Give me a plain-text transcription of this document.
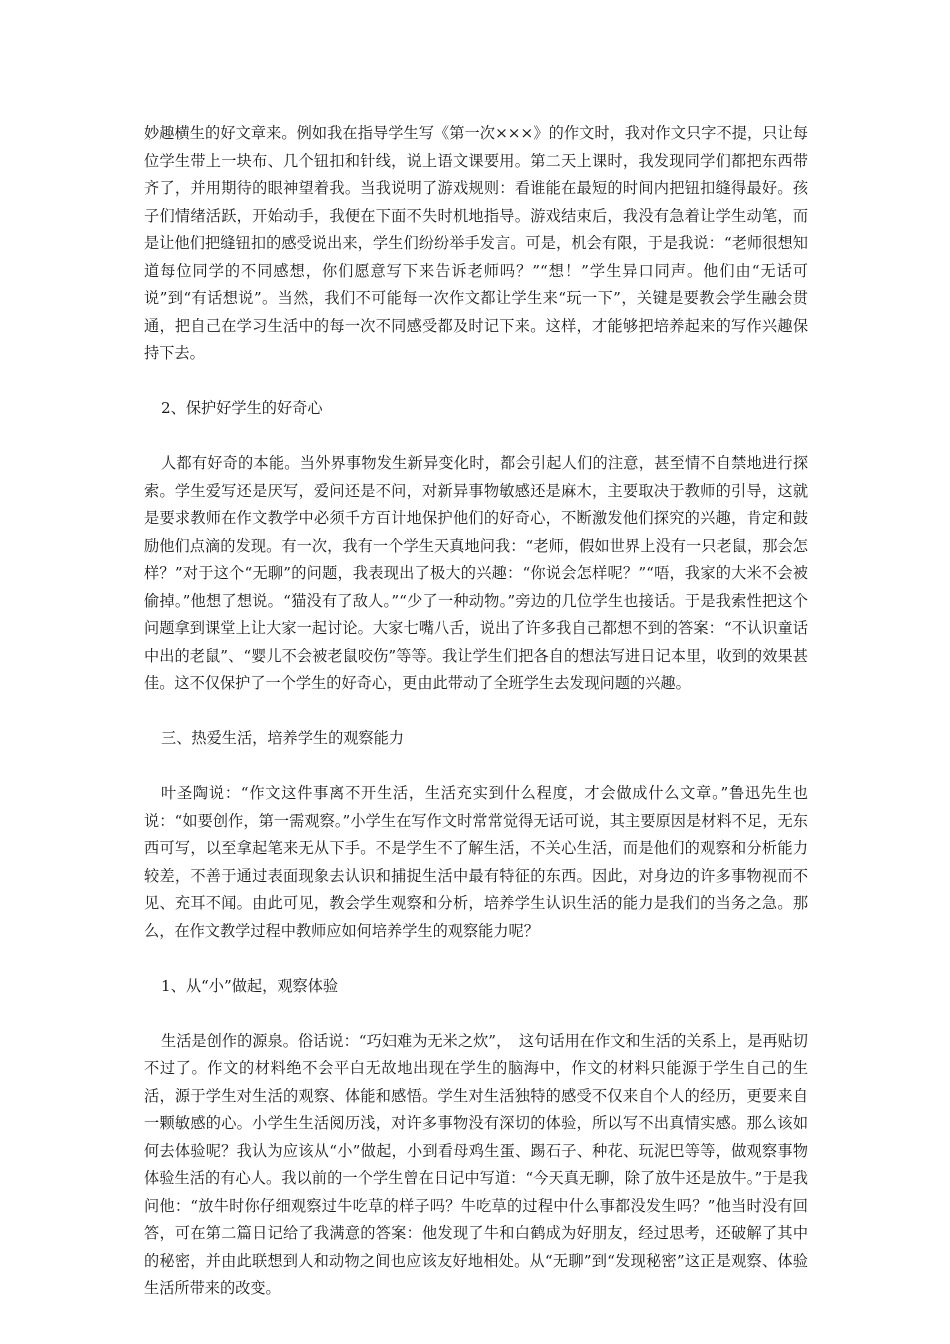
妙趣横生的好文章来。例如我在指导学生写《第一次×××》的作文时，我对作文只字不提，只让每位学生带上一块布、几个钮扣和针线，说上语文课要用。第二天上课时，我发现同学们都把东西带齐了，并用期待的眼神望着我。当我说明了游戏规则：看谁能在最短的时间内把钮扣缝得最好。孩子们情绪活跃，开始动手，我便在下面不失时机地指导。游戏结束后，我没有急着让学生动笔，而是让他们把缝钮扣的感受说出来，学生们纷纷举手发言。可是，机会有限，于是我说：“老师很想知道每位同学的不同感想，你们愿意写下来告诉老师吗？”“想！”学生异口同声。他们由“无话可说”到“有话想说”。当然，我们不可能每一次作文都让学生来“玩一下”，关键是要教会学生融会贯通，把自己在学习生活中的每一次不同感受都及时记下来。这样，才能够把培养起来的写作兴趣保持下去。

2、保护好学生的好奇心

人都有好奇的本能。当外界事物发生新异变化时，都会引起人们的注意，甚至情不自禁地进行探索。学生爱写还是厌写，爱问还是不问，对新异事物敏感还是麻木，主要取决于教师的引导，这就是要求教师在作文教学中必须千方百计地保护他们的好奇心，不断激发他们探究的兴趣，肯定和鼓励他们点滴的发现。有一次，我有一个学生天真地问我：“老师，假如世界上没有一只老鼠，那会怎样？”对于这个“无聊”的问题，我表现出了极大的兴趣：“你说会怎样呢？”“唔，我家的大米不会被偷掉。”他想了想说。“猫没有了敌人。”“少了一种动物。”旁边的几位学生也接话。于是我索性把这个问题拿到课堂上让大家一起讨论。大家七嘴八舌，说出了许多我自己都想不到的答案：“不认识童话中出的老鼠”、“婴儿不会被老鼠咬伤”等等。我让学生们把各自的想法写进日记本里，收到的效果甚佳。这不仅保护了一个学生的好奇心，更由此带动了全班学生去发现问题的兴趣。

三、热爱生活，培养学生的观察能力

叶圣陶说：“作文这件事离不开生活，生活充实到什么程度，才会做成什么文章。”鲁迅先生也说：“如要创作，第一需观察。”小学生在写作文时常常觉得无话可说，其主要原因是材料不足，无东西可写，以至拿起笔来无从下手。不是学生不了解生活，不关心生活，而是他们的观察和分析能力较差，不善于通过表面现象去认识和捕捉生活中最有特征的东西。因此，对身边的许多事物视而不见、充耳不闻。由此可见，教会学生观察和分析，培养学生认识生活的能力是我们的当务之急。那么，在作文教学过程中教师应如何培养学生的观察能力呢？

1、从“小”做起，观察体验

生活是创作的源泉。俗话说：“巧妇难为无米之炊”，　这句话用在作文和生活的关系上，是再贴切不过了。作文的材料绝不会平白无故地出现在学生的脑海中，作文的材料只能源于学生自己的生活，源于学生对生活的观察、体能和感悟。学生对生活独特的感受不仅来自个人的经历，更要来自一颗敏感的心。小学生生活阅历浅，对许多事物没有深切的体验，所以写不出真情实感。那么该如何去体验呢？我认为应该从“小”做起，小到看母鸡生蛋、踢石子、种花、玩泥巴等等，做观察事物体验生活的有心人。我以前的一个学生曾在日记中写道：“今天真无聊，除了放牛还是放牛。”于是我问他：“放牛时你仔细观察过牛吃草的样子吗？牛吃草的过程中什么事都没发生吗？”他当时没有回答，可在第二篇日记给了我满意的答案：他发现了牛和白鹤成为好朋友，经过思考，还破解了其中的秘密，并由此联想到人和动物之间也应该友好地相处。从“无聊”到“发现秘密”这正是观察、体验生活所带来的改变。
